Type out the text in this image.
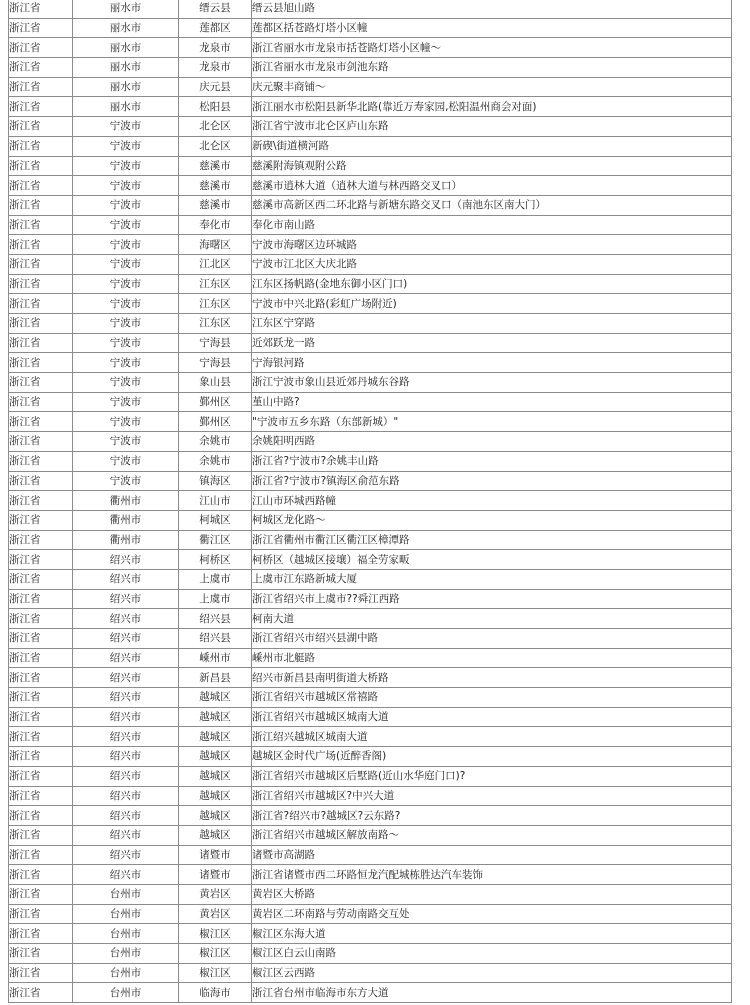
浙江省	丽水市	缙云县	缙云县旭山路
浙江省	丽水市	莲都区	莲都区括苍路灯塔小区幢
浙江省	丽水市	龙泉市	浙江省丽水市龙泉市括苍路灯塔小区幢～
浙江省	丽水市	龙泉市	浙江省丽水市龙泉市剑池东路
浙江省	丽水市	庆元县	庆元聚丰商铺～
浙江省	丽水市	松阳县	浙江丽水市松阳县新华北路(靠近万寿家园,松阳温州商会对面)
浙江省	宁波市	北仑区	浙江省宁波市北仑区庐山东路
浙江省	宁波市	北仑区	新碶\街道横河路
浙江省	宁波市	慈溪市	慈溪附海镇观附公路
浙江省	宁波市	慈溪市	慈溪市逍林大道（逍林大道与林西路交叉口）
浙江省	宁波市	慈溪市	慈溪市高新区西二环北路与新塘东路交叉口（南池东区南大门）
浙江省	宁波市	奉化市	奉化市南山路
浙江省	宁波市	海曙区	宁波市海曙区边环城路
浙江省	宁波市	江北区	宁波市江北区大庆北路
浙江省	宁波市	江东区	江东区扬帆路(金地东御小区门口)
浙江省	宁波市	江东区	宁波市中兴北路(彩虹广场附近)
浙江省	宁波市	江东区	江东区宁穿路
浙江省	宁波市	宁海县	近郊跃龙一路
浙江省	宁波市	宁海县	宁海银河路
浙江省	宁波市	象山县	浙江宁波市象山县近郊丹城东谷路
浙江省	宁波市	鄞州区	堇山中路?
浙江省	宁波市	鄞州区	"宁波市五乡东路（东部新城）"
浙江省	宁波市	余姚市	余姚阳明西路
浙江省	宁波市	余姚市	浙江省?宁波市?余姚丰山路
浙江省	宁波市	镇海区	浙江省?宁波市?镇海区俞范东路
浙江省	衢州市	江山市	江山市环城西路幢
浙江省	衢州市	柯城区	柯城区龙化路～
浙江省	衢州市	衢江区	浙江省衢州市衢江区衢江区樟潭路
浙江省	绍兴市	柯桥区	柯桥区（越城区接壤）福全劳家畈
浙江省	绍兴市	上虞市	上虞市江东路新城大厦
浙江省	绍兴市	上虞市	浙江省绍兴市上虞市??舜江西路
浙江省	绍兴市	绍兴县	柯南大道
浙江省	绍兴市	绍兴县	浙江省绍兴市绍兴县湖中路
浙江省	绍兴市	嵊州市	嵊州市北艇路
浙江省	绍兴市	新昌县	绍兴市新昌县南明街道大桥路
浙江省	绍兴市	越城区	浙江省绍兴市越城区常禧路
浙江省	绍兴市	越城区	浙江省绍兴市越城区城南大道
浙江省	绍兴市	越城区	浙江绍兴越城区城南大道
浙江省	绍兴市	越城区	越城区金时代广场(近醉香阁)
浙江省	绍兴市	越城区	浙江省绍兴市越城区后墅路(近山水华庭门口)?
浙江省	绍兴市	越城区	浙江省绍兴市越城区?中兴大道
浙江省	绍兴市	越城区	浙江省?绍兴市?越城区?云东路?
浙江省	绍兴市	越城区	浙江省绍兴市越城区解放南路～
浙江省	绍兴市	诸暨市	诸暨市高湖路
浙江省	绍兴市	诸暨市	浙江省诸暨市西二环路恒龙汽配城栋胜达汽车装饰
浙江省	台州市	黄岩区	黄岩区大桥路
浙江省	台州市	黄岩区	黄岩区二环南路与劳动南路交互处
浙江省	台州市	椒江区	椒江区东海大道
浙江省	台州市	椒江区	椒江区白云山南路
浙江省	台州市	椒江区	椒江区云西路
浙江省	台州市	临海市	浙江省台州市临海市东方大道
